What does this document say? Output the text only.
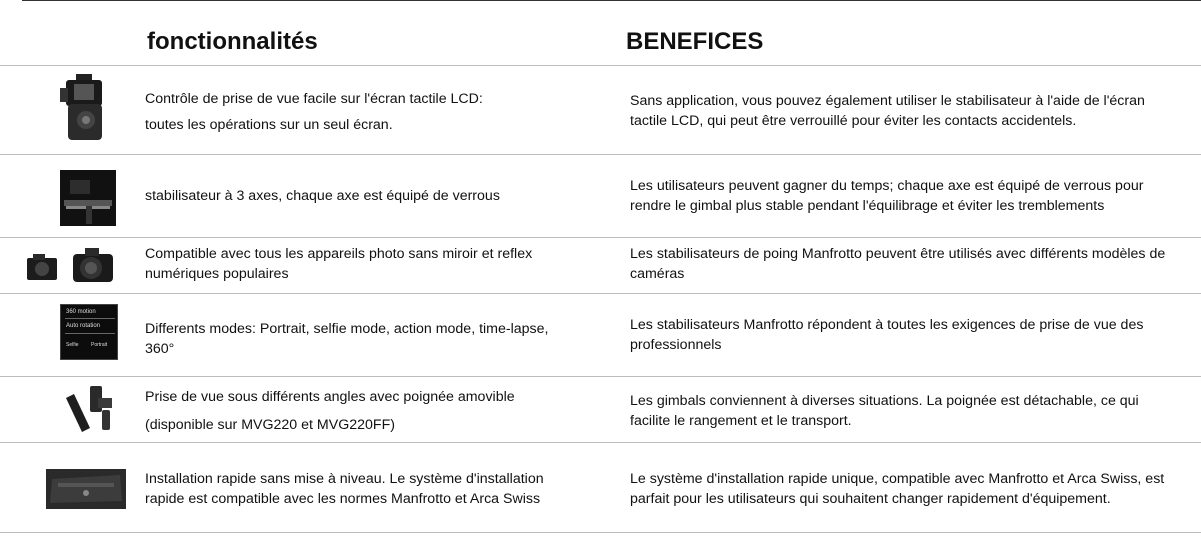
fonctionnalités	BENEFICES
Contrôle de prise de vue facile sur l'écran tactile LCD:
toutes les opérations sur un seul écran.
Sans application, vous pouvez également utiliser le stabilisateur à l'aide de l'écran
tactile LCD, qui peut être verrouillé pour éviter les contacts accidentels.
stabilisateur à 3 axes, chaque axe est équipé de verrous
Les utilisateurs peuvent gagner du temps; chaque axe est équipé de verrous pour
rendre le gimbal plus stable pendant l'équilibrage et éviter les tremblements
Compatible avec tous les appareils photo sans miroir et reflex
numériques populaires
Les stabilisateurs de poing Manfrotto peuvent être utilisés avec différents modèles de
caméras
360 motion
Auto rotation
Selfie Portrait
Differents modes: Portrait, selfie mode, action mode, time-lapse,
360°
Les stabilisateurs Manfrotto répondent à toutes les exigences de prise de vue des
professionnels
Prise de vue sous différents angles avec poignée amovible
(disponible sur MVG220 et MVG220FF)
Les gimbals conviennent à diverses situations. La poignée est détachable, ce qui
facilite le rangement et le transport.
Installation rapide sans mise à niveau. Le système d'installation
rapide est compatible avec les normes Manfrotto et Arca Swiss
Le système d'installation rapide unique, compatible avec Manfrotto et Arca Swiss, est
parfait pour les utilisateurs qui souhaitent changer rapidement d'équipement.
